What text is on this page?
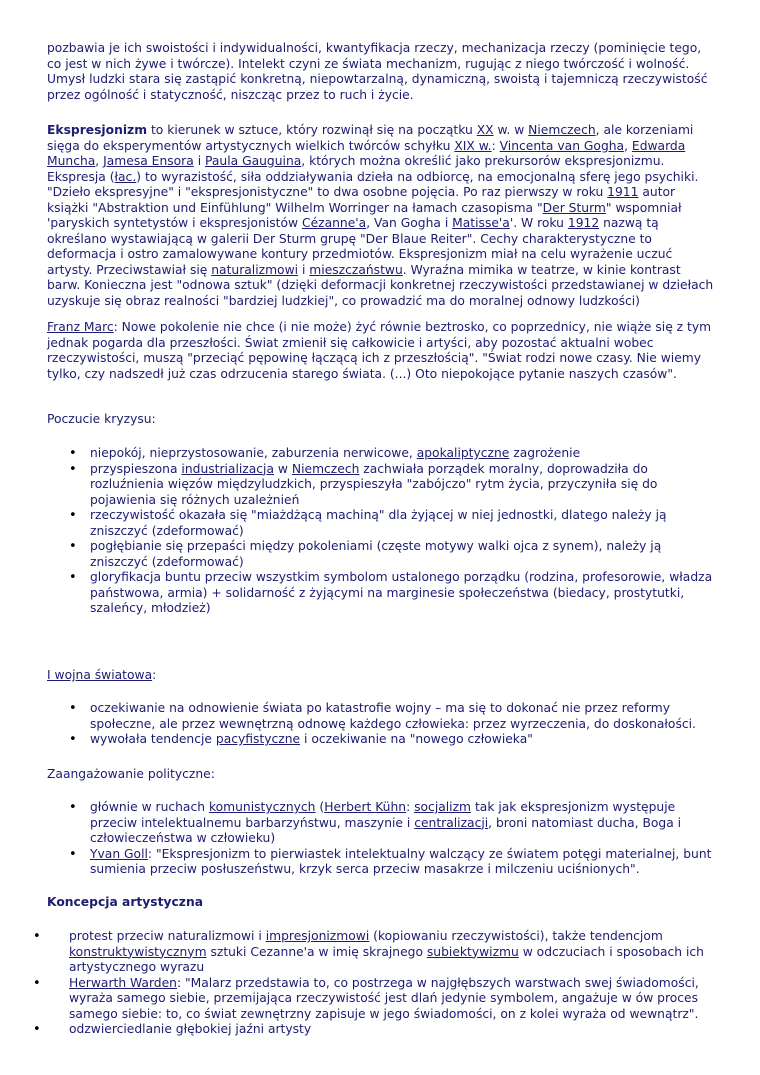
pozbawia je ich swoistości i indywidualności, kwantyfikacja rzeczy, mechanizacja rzeczy (pominięcie tego, co jest w nich żywe i twórcze). Intelekt czyni ze świata mechanizm, rugując z niego twórczość i wolność. Umysł ludzki stara się zastąpić konkretną, niepowtarzalną, dynamiczną, swoistą i tajemniczą rzeczywistość przez ogólność i statyczność, niszcząc przez to ruch i życie.

Ekspresjonizm to kierunek w sztuce, który rozwinął się na początku XX w. w Niemczech, ale korzeniami sięga do eksperymentów artystycznych wielkich twórców schyłku XIX w.: Vincenta van Gogha, Edwarda Muncha, Jamesa Ensora i Paula Gauguina, których można określić jako prekursorów ekspresjonizmu. Ekspresja (łac.) to wyrazistość, siła oddziaływania dzieła na odbiorcę, na emocjonalną sferę jego psychiki. "Dzieło ekspresyjne" i "ekspresjonistyczne" to dwa osobne pojęcia. Po raz pierwszy w roku 1911 autor książki "Abstraktion und Einfühlung" Wilhelm Worringer na łamach czasopisma "Der Sturm" wspomniał 'paryskich syntetystów i ekspresjonistów Cézanne'a, Van Gogha i Matisse'a'. W roku 1912 nazwą tą określano wystawiającą w galerii Der Sturm grupę "Der Blaue Reiter". Cechy charakterystyczne to deformacja i ostro zamalowywane kontury przedmiotów. Ekspresjonizm miał na celu wyrażenie uczuć artysty. Przeciwstawiał się naturalizmowi i mieszczaństwu. Wyraźna mimika w teatrze, w kinie kontrast barw. Konieczna jest "odnowa sztuk" (dzięki deformacji konkretnej rzeczywistości przedstawianej w dziełach uzyskuje się obraz realności "bardziej ludzkiej", co prowadzić ma do moralnej odnowy ludzkości)

Franz Marc: Nowe pokolenie nie chce (i nie może) żyć równie beztrosko, co poprzednicy, nie wiąże się z tym jednak pogarda dla przeszłości. Świat zmienił się całkowicie i artyści, aby pozostać aktualni wobec rzeczywistości, muszą "przeciąć pępowinę łączącą ich z przeszłością". "Świat rodzi nowe czasy. Nie wiemy tylko, czy nadszedł już czas odrzucenia starego świata. (...) Oto niepokojące pytanie naszych czasów".

Poczucie kryzysu:

• niepokój, nieprzystosowanie, zaburzenia nerwicowe, apokaliptyczne zagrożenie
• przyspieszona industrializacja w Niemczech zachwiała porządek moralny, doprowadziła do rozluźnienia więzów międzyludzkich, przyspieszyła "zabójczo" rytm życia, przyczyniła się do pojawienia się różnych uzależnień
• rzeczywistość okazała się "miażdżącą machiną" dla żyjącej w niej jednostki, dlatego należy ją zniszczyć (zdeformować)
• pogłębianie się przepaści między pokoleniami (częste motywy walki ojca z synem), należy ją zniszczyć (zdeformować)
• gloryfikacja buntu przeciw wszystkim symbolom ustalonego porządku (rodzina, profesorowie, władza państwowa, armia) + solidarność z żyjącymi na marginesie społeczeństwa (biedacy, prostytutki, szaleńcy, młodzież)

I wojna światowa:

• oczekiwanie na odnowienie świata po katastrofie wojny – ma się to dokonać nie przez reformy społeczne, ale przez wewnętrzną odnowę każdego człowieka: przez wyrzeczenia, do doskonałości.
• wywołała tendencje pacyfistyczne i oczekiwanie na "nowego człowieka"

Zaangażowanie polityczne:

• głównie w ruchach komunistycznych (Herbert Kühn: socjalizm tak jak ekspresjonizm występuje przeciw intelektualnemu barbarzyństwu, maszynie i centralizacji, broni natomiast ducha, Boga i człowieczeństwa w człowieku)
• Yvan Goll: "Ekspresjonizm to pierwiastek intelektualny walczący ze światem potęgi materialnej, bunt sumienia przeciw posłuszeństwu, krzyk serca przeciw masakrze i milczeniu uciśnionych".

Koncepcja artystyczna

• protest przeciw naturalizmowi i impresjonizmowi (kopiowaniu rzeczywistości), także tendencjom konstruktywistycznym sztuki Cezanne'a w imię skrajnego subiektywizmu w odczuciach i sposobach ich artystycznego wyrazu
• Herwarth Warden: "Malarz przedstawia to, co postrzega w najgłębszych warstwach swej świadomości, wyraża samego siebie, przemijająca rzeczywistość jest dlań jedynie symbolem, angażuje w ów proces samego siebie: to, co świat zewnętrzny zapisuje w jego świadomości, on z kolei wyraża od wewnątrz".
• odzwierciedlanie głębokiej jaźni artysty
